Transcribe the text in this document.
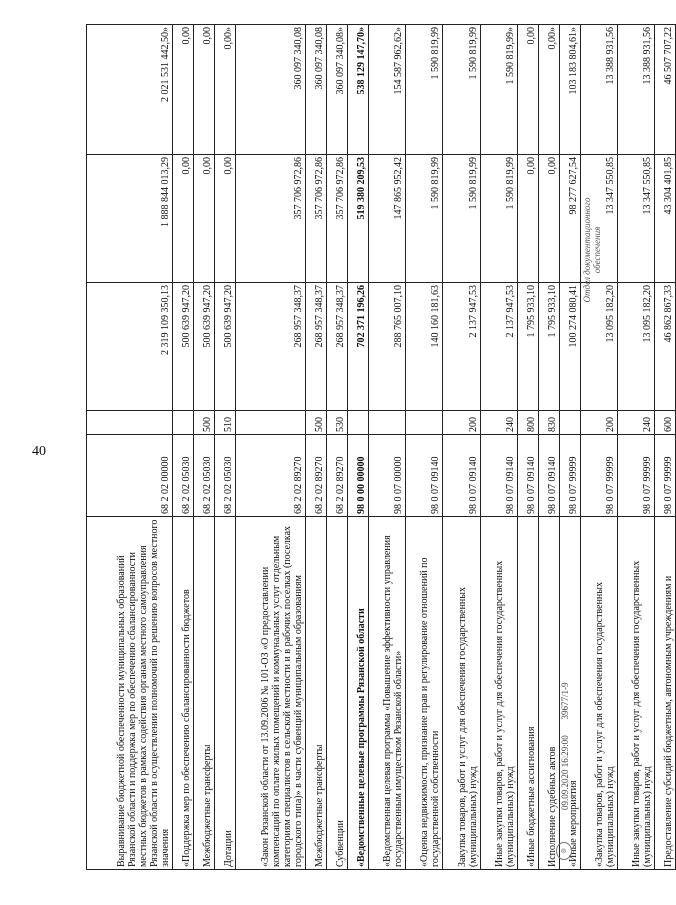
40
Выравнивание бюджетной обеспеченности муниципальных образований Рязанской области и поддержка мер по обеспечению сбалансированности местных бюджетов в рамках содействия органам местного самоуправления Рязанской области в осуществлении полномочий по решению вопросов местного значения	68 2 02 00000		2 319 109 350,13	1 888 844 013,29	2 021 531 442,50»
«Поддержка мер по обеспечению сбалансированности бюджетов	68 2 02 05030		500 639 947,20	0,00	0,00
Межбюджетные трансферты	68 2 02 05030	500	500 639 947,20	0,00	0,00
Дотации	68 2 02 05030	510	500 639 947,20	0,00	0,00»
«Закон Рязанской области от 13.09.2006 № 101-ОЗ «О предоставлении компенсаций по оплате жилых помещений и коммунальных услуг отдельным категориям специалистов в сельской местности и в рабочих поселках (поселках городского типа)» в части субвенций муниципальным образованиям	68 2 02 89270		268 957 348,37	357 706 972,86	360 097 340,08
Межбюджетные трансферты	68 2 02 89270	500	268 957 348,37	357 706 972,86	360 097 340,08
Субвенции	68 2 02 89270	530	268 957 348,37	357 706 972,86	360 097 340,08»
«Ведомственные целевые программы Рязанской области	98 0 00 00000		702 371 196,26	519 380 209,53	538 129 147,70»
«Ведомственная целевая программа «Повышение эффективности управления государственным имуществом Рязанской области»	98 0 07 00000		288 765 007,10	147 865 952,42	154 587 962,62»
«Оценка недвижимости, признание прав и регулирование отношений по государственной собственности	98 0 07 09140		140 160 181,63	1 590 819,99	1 590 819,99
Закупка товаров, работ и услуг для обеспечения государственных (муниципальных) нужд	98 0 07 09140	200	2 137 947,53	1 590 819,99	1 590 819,99
Иные закупки товаров, работ и услуг для обеспечения государственных (муниципальных) нужд	98 0 07 09140	240	2 137 947,53	1 590 819,99	1 590 819,99»
«Иные бюджетные ассигнования	98 0 07 09140	800	1 795 933,10	0,00	0,00
Исполнение судебных актов	98 0 07 09140	830	1 795 933,10	0,00	0,00»
«Иные мероприятия	98 0 07 99999		100 274 080,41	98 277 627,54	103 183 804,61»
«Закупка товаров, работ и услуг для обеспечения государственных (муниципальных) нужд	98 0 07 99999	200	13 095 182,20	13 347 550,85	13 388 931,56
Иные закупки товаров, работ и услуг для обеспечения государственных (муниципальных) нужд	98 0 07 99999	240	13 095 182,20	13 347 550,85	13 388 931,56
Предоставление субсидий бюджетным, автономным учреждениям и	98 0 07 99999	600	46 862 867,33	43 304 401,85	46 507 707,22
◎
09.09.2020 16:29:00       39677/1-9
Отдел документационного обеспечения
